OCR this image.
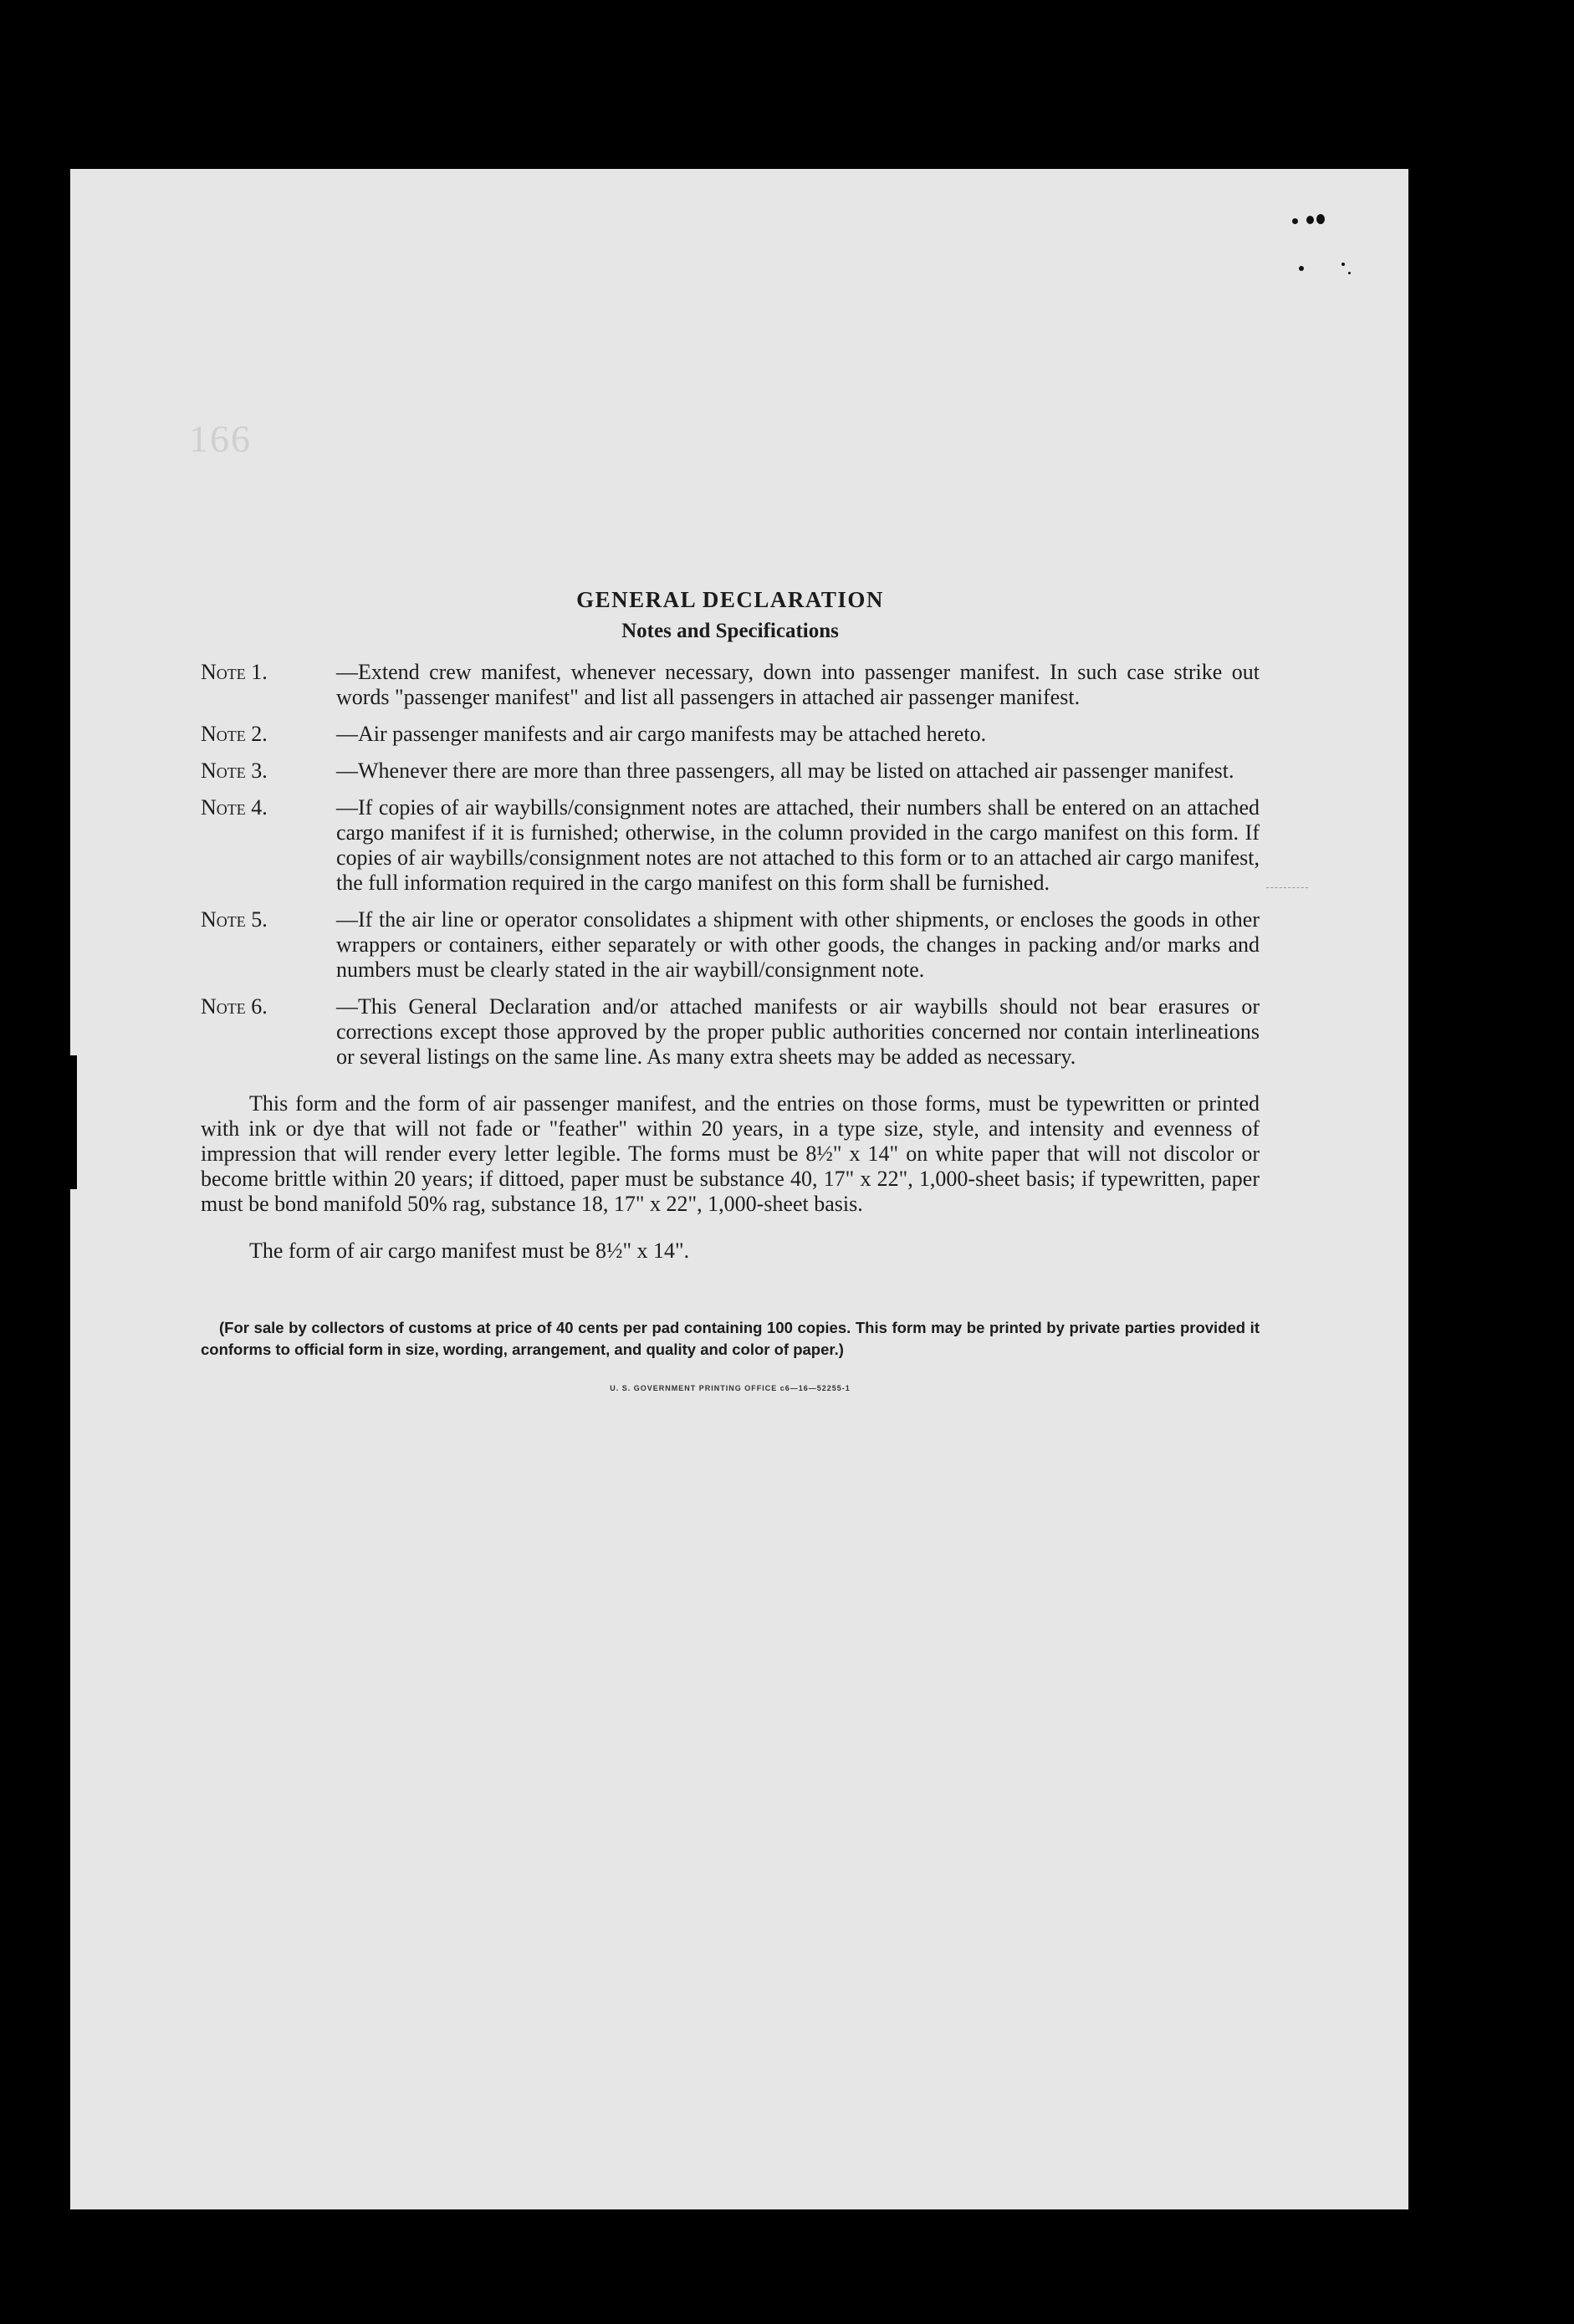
166
GENERAL DECLARATION
Notes and Specifications
Note 1.	—Extend crew manifest, whenever necessary, down into passenger manifest. In such case strike out words "passenger manifest" and list all passengers in attached air passenger manifest.
Note 2.	—Air passenger manifests and air cargo manifests may be attached hereto.
Note 3.	—Whenever there are more than three passengers, all may be listed on attached air passenger manifest.
Note 4.	—If copies of air waybills/consignment notes are attached, their numbers shall be entered on an attached cargo manifest if it is furnished; otherwise, in the column provided in the cargo manifest on this form. If copies of air waybills/consignment notes are not attached to this form or to an attached air cargo manifest, the full information required in the cargo manifest on this form shall be furnished.
Note 5.	—If the air line or operator consolidates a shipment with other shipments, or encloses the goods in other wrappers or containers, either separately or with other goods, the changes in packing and/or marks and numbers must be clearly stated in the air waybill/consignment note.
Note 6.	—This General Declaration and/or attached manifests or air waybills should not bear erasures or corrections except those approved by the proper public authorities concerned nor contain interlineations or several listings on the same line. As many extra sheets may be added as necessary.

This form and the form of air passenger manifest, and the entries on those forms, must be typewritten or printed with ink or dye that will not fade or "feather" within 20 years, in a type size, style, and intensity and evenness of impression that will render every letter legible. The forms must be 8½" x 14" on white paper that will not discolor or become brittle within 20 years; if dittoed, paper must be substance 40, 17" x 22", 1,000-sheet basis; if typewritten, paper must be bond manifold 50% rag, substance 18, 17" x 22", 1,000-sheet basis.

The form of air cargo manifest must be 8½" x 14".

(For sale by collectors of customs at price of 40 cents per pad containing 100 copies. This form may be printed by private parties provided it conforms to official form in size, wording, arrangement, and quality and color of paper.)

U. S. GOVERNMENT PRINTING OFFICE c6—16—52255-1
